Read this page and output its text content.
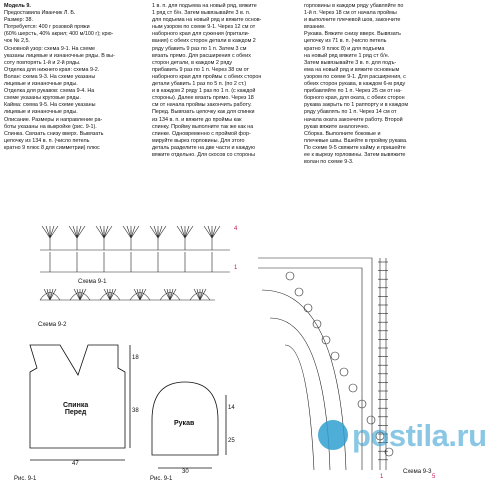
Модель 9.

Предоставила Иванчик Л. Б.

Размер: 38.

Потребуется: 400 г розовой пряжи

(60% шерсть, 40% акрил; 400 м/100 г); крю-

чок № 2,5.

Основной узор: схема 9-1. На схеме

указаны лицевые и изнаночные ряды. В вы-

соту повторять 1-й и 2-й ряды.

Отделка для нижнего края: схема 9-2.

Волан: схема 9-3. На схеме указаны

лицевые и изнаночные ряды.

Отделка для рукавов: схема 9-4. На

схеме указаны круговые ряды.

Кайма: схема 9-5. На схеме указаны

лицевые и изнаночные ряды.

Описание. Размеры и направление ра-

боты указаны на выкройке (рис. 9-1).

Спинка. Связать снизу вверх. Вывязать

цепочку из 134 в. п. (число петель

кратно 9 плюс 8 для симметрии) плюс

1 в. п. для подъема на новый ряд, вяжите

1 ряд ст б/н. Затем вывязывайте 3 в. п.

для подъема на новый ряд и вяжите основ-

ным узором по схеме 9-1. Через 12 см от

наборного края для сужения (притали-

вания) с обеих сторон детали в каждом 2

ряду убавить 9 раз по 1 п. Затем 3 см

вязать прямо. Для расширения с обеих

сторон детали, в каждом 2 ряду

прибавить 9 раз по 1 п. Через 38 см от

наборного края для проймы с обеих сторон

детали убавить 1 раз по 5 п. (по 2 ст.)

и в каждом 2 ряду 1 раз по 1 п. (с каждой

стороны). Далее вязать прямо. Через 18

см от начала проймы закончить работу.

Перед. Вывязать цепочку как для спинки

из 134 в. п. и вяжите до проймы как

спинку. Пройму выполните так же как на

спинке. Одновременно с проймой фор-

мируйте вырез горловины. Для этого

деталь разделите на две части и каждую

вяжите отдельно. Для скосов со стороны

горловины в каждом ряду убавляйте по

1-й п. Через 18 см от начала проймы

и выполните плечевой шов, закончите

вязание.

Рукава. Вяжите снизу вверх. Вывязать

цепочку из 71 в. п. (число петель

кратно 9 плюс 8) и для подъема

на новый ряд вяжите 1 ряд ст б/н.

Затем вывязывайте 3 в. п. для подъ-

ема на новый ряд и вяжите основным

узором по схеме 9-1. Для расширения, с

обеих сторон рукава, в каждом 6-м ряду

прибавляйте по 1 п. Через 25 см от на-

борного края, для оката, с обеих сторон

рукава закрыть по 1 раппорту и в каждом

ряду убавлять по 1 п. Через 14 см от

начала оката закончите работу. Второй

рукав вяжите аналогично.

Сборка. Выполните боковые и

плечевые швы. Вшейте в пройму рукава.

По схеме 9-5 свяжите кайму и пришейте

ее к вырезу горловины. Затем вывяжите

волан по схеме 9-3.

Схема 9-1
Схема 9-2
Схема 9-3
Спинка
Перед
Рукав
Рис. 9-1	Рис. 9-1
47
38
18
30
25
14
4
1
5
1
postila.ru
